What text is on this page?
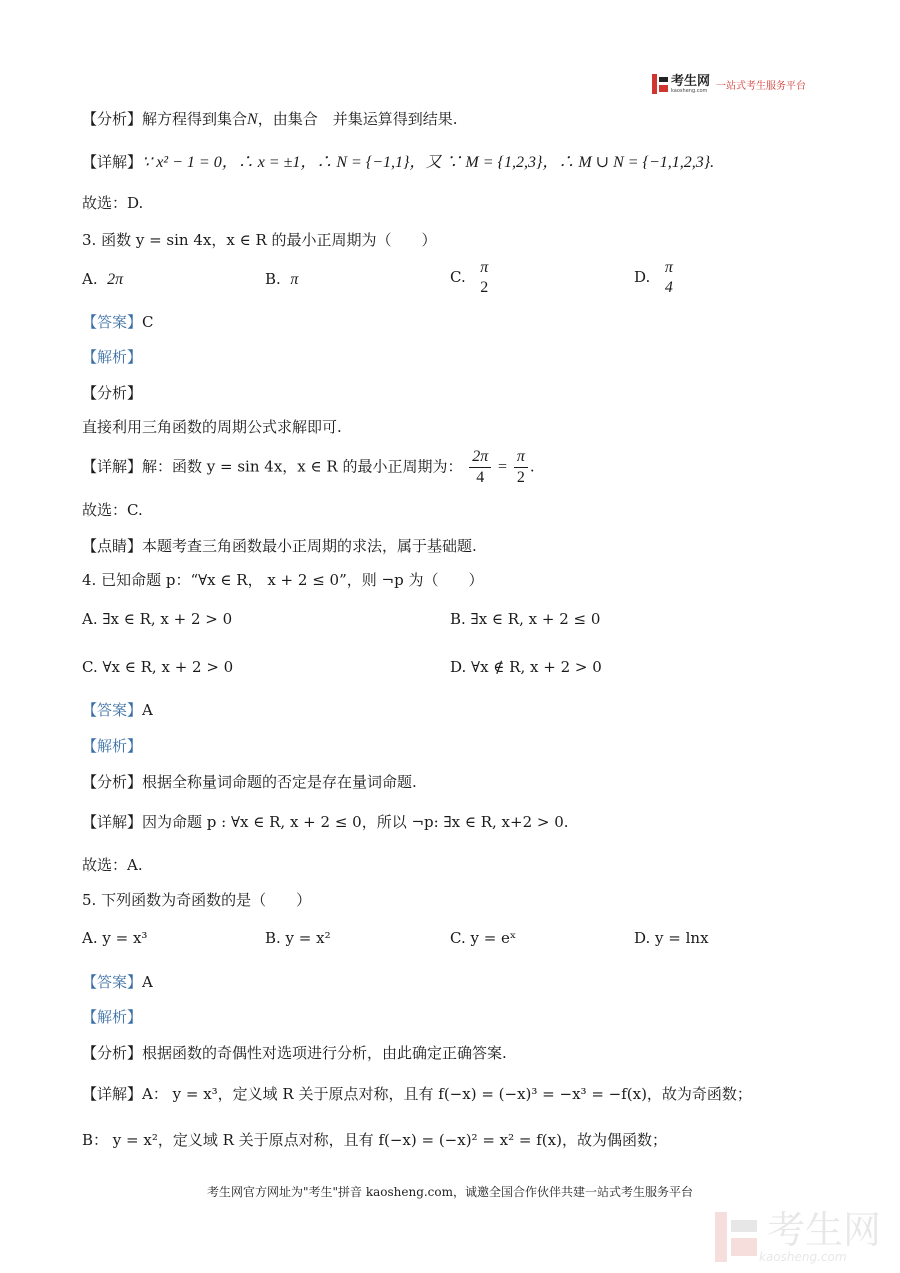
考生网
kaosheng.com 一站式考生服务平台
【分析】解方程得到集合N，由集合　并集运算得到结果.
【详解】∵ x² − 1 = 0，∴ x = ±1，∴ N = {−1,1}，又 ∵ M = {1,2,3}，∴ M ∪ N = {−1,1,2,3}.
故选：D.
3. 函数 y = sin 4x，x ∈ R 的最小正周期为（　　）
A. 2π	B. π	C.
π
2
D.
π
4
【答案】C
【解析】
【分析】
直接利用三角函数的周期公式求解即可.
【详解】解：函数 y = sin 4x，x ∈ R 的最小正周期为： $\frac{2\pi}{4} = \frac{\pi}{2}$ .
故选：C.
【点睛】本题考查三角函数最小正周期的求法，属于基础题.
4. 已知命题 p：“∀x ∈ R， x + 2 ≤ 0”，则 ¬p 为（　　）
A. ∃x ∈ R, x + 2 > 0	B. ∃x ∈ R, x + 2 ≤ 0
C. ∀x ∈ R, x + 2 > 0	D. ∀x ∉ R, x + 2 > 0
【答案】A
【解析】
【分析】根据全称量词命题的否定是存在量词命题.
【详解】因为命题 p : ∀x ∈ R, x + 2 ≤ 0，所以 ¬p: ∃x ∈ R, x+2 > 0.
故选：A.
5. 下列函数为奇函数的是（　　）
A. y = x³	B. y = x²	C. y = eˣ	D. y = lnx
【答案】A
【解析】
【分析】根据函数的奇偶性对选项进行分析，由此确定正确答案.
【详解】A： y = x³，定义域 R 关于原点对称，且有 f(−x) = (−x)³ = −x³ = −f(x)，故为奇函数；
B： y = x²，定义域 R 关于原点对称，且有 f(−x) = (−x)² = x² = f(x)，故为偶函数；
考生网官方网址为"考生"拼音 kaosheng.com，诚邀全国合作伙伴共建一站式考生服务平台
考生网
kaosheng.com
